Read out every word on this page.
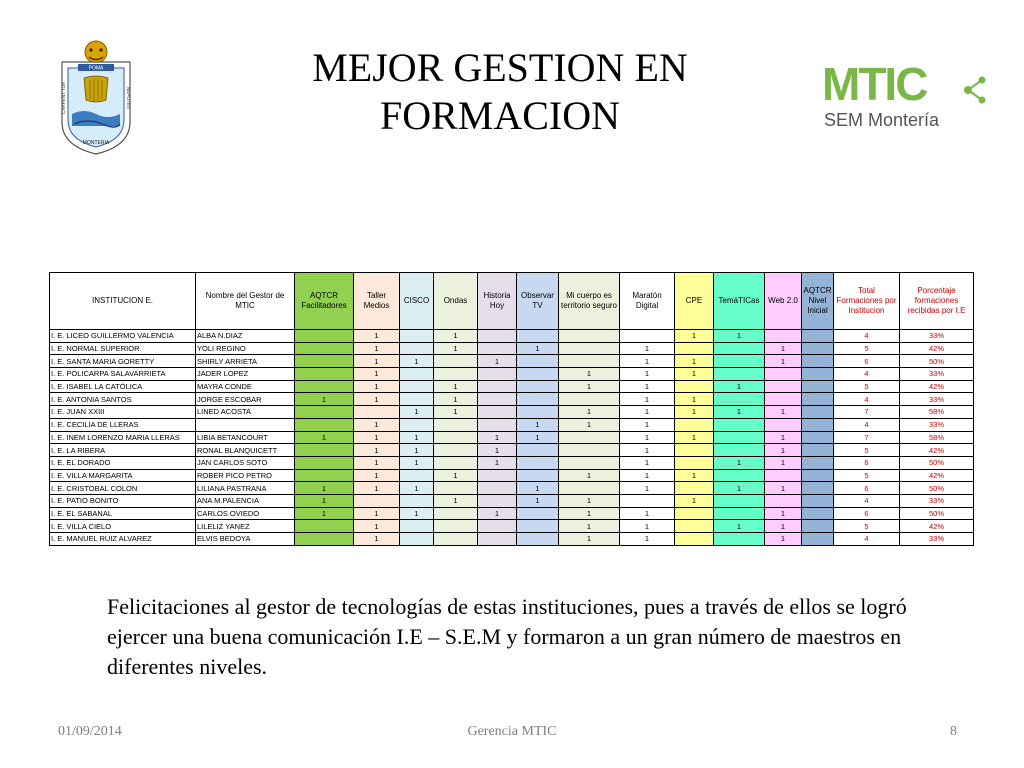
MEJOR GESTION EN FORMACION
POMA
CARPENT TUA	NEPOTES
MONTERIA
MTIC
SEM Montería
INSTITUCION E.	Nombre del Gestor de MTIC	AQTCR Facilitadores	Taller Medios	CISCO	Ondas	Historia Hoy	Observar TV	Mi cuerpo es territorio seguro	Maratón Digital	CPE	TemáTICas	Web 2.0	AQTCR Nivel Inicial	Total Formaciones por Institucion	Porcentaje formaciones recibidas por I.E
I. E. LICEO GUILLERMO VALENCIA	ALBA N.DIAZ		1		1					1	1			4	33%
I. E. NORMAL SUPERIOR	YOLI REGINO		1		1		1		1			1		5	42%
I. E. SANTA MARIA GORETTY	SHIRLY ARRIETA		1	1		1			1	1		1		6	50%
I. E. POLICARPA SALAVARRIETA	JADER LOPEZ		1					1	1	1				4	33%
I. E. ISABEL LA CATÓLICA	MAYRA CONDE		1		1			1	1		1			5	42%
I. E. ANTONIA SANTOS	JORGE ESCOBAR	1	1		1				1	1				4	33%
I. E. JUAN XXIII	LINED ACOSTA			1	1			1	1	1	1	1		7	58%
I. E. CECILIA DE LLERAS			1				1	1	1					4	33%
I. E. INEM LORENZO MARIA LLERAS	LIBIA BETANCOURT	1	1	1		1	1		1	1		1		7	58%
I. E. LA RIBERA	RONAL BLANQUICETT		1	1		1			1			1		5	42%
I. E. EL DORADO	JAN CARLOS SOTO		1	1		1			1		1	1		6	50%
I. E. VILLA MARGARITA	ROBER PICO PETRO		1		1			1	1	1				5	42%
I. E. CRISTOBAL COLON	LILIANA PASTRANA	1	1	1			1		1		1	1		6	50%
I. E. PATIO BONITO	ANA M.PALENCIA	1			1		1	1		1				4	33%
I. E. EL SABANAL	CARLOS OVIEDO	1	1	1		1		1	1			1		6	50%
I. E. VILLA CIELO	LILELIZ YANEZ		1					1	1		1	1		5	42%
I. E. MANUEL RUIZ ALVAREZ	ELVIS BEDOYA		1					1	1			1		4	33%
Felicitaciones al gestor de tecnologías de estas instituciones, pues a través de ellos se logró ejercer una buena comunicación I.E – S.E.M y formaron a un gran número de maestros en diferentes niveles.
01/09/2014	Gerencia MTIC	8
